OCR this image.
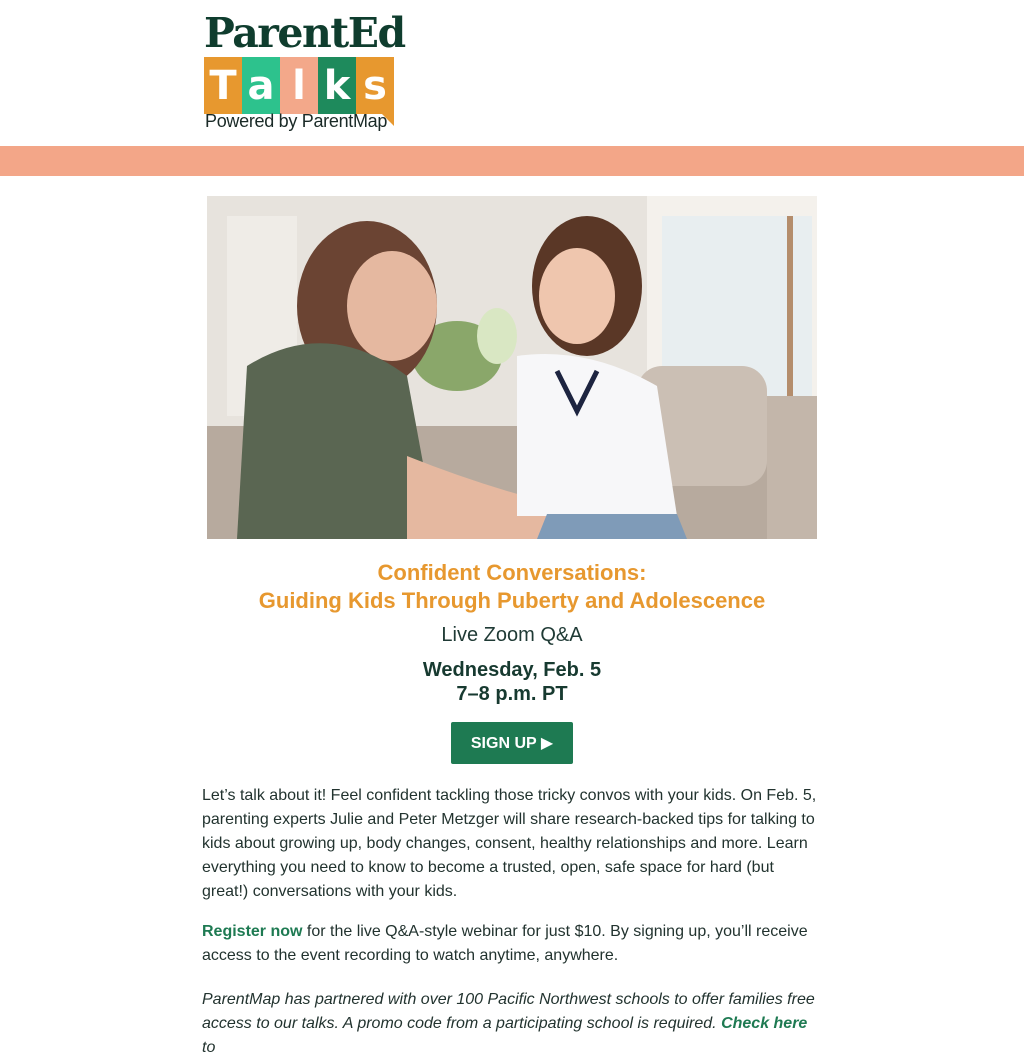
ParentEd
T a l k s
Powered by ParentMap
Confident Conversations:
Guiding Kids Through Puberty and Adolescence
Live Zoom Q&A
Wednesday, Feb. 5
7–8 p.m. PT
SIGN UP ▶
Let’s talk about it! Feel confident tackling those tricky convos with your kids. On Feb. 5, parenting experts Julie and Peter Metzger will share research-backed tips for talking to kids about growing up, body changes, consent, healthy relationships and more. Learn everything you need to know to become a trusted, open, safe space for hard (but great!) conversations with your kids.
Register now for the live Q&A-style webinar for just $10. By signing up, you’ll receive access to the event recording to watch anytime, anywhere.
ParentMap has partnered with over 100 Pacific Northwest schools to offer families free access to our talks. A promo code from a participating school is required. Check here to
